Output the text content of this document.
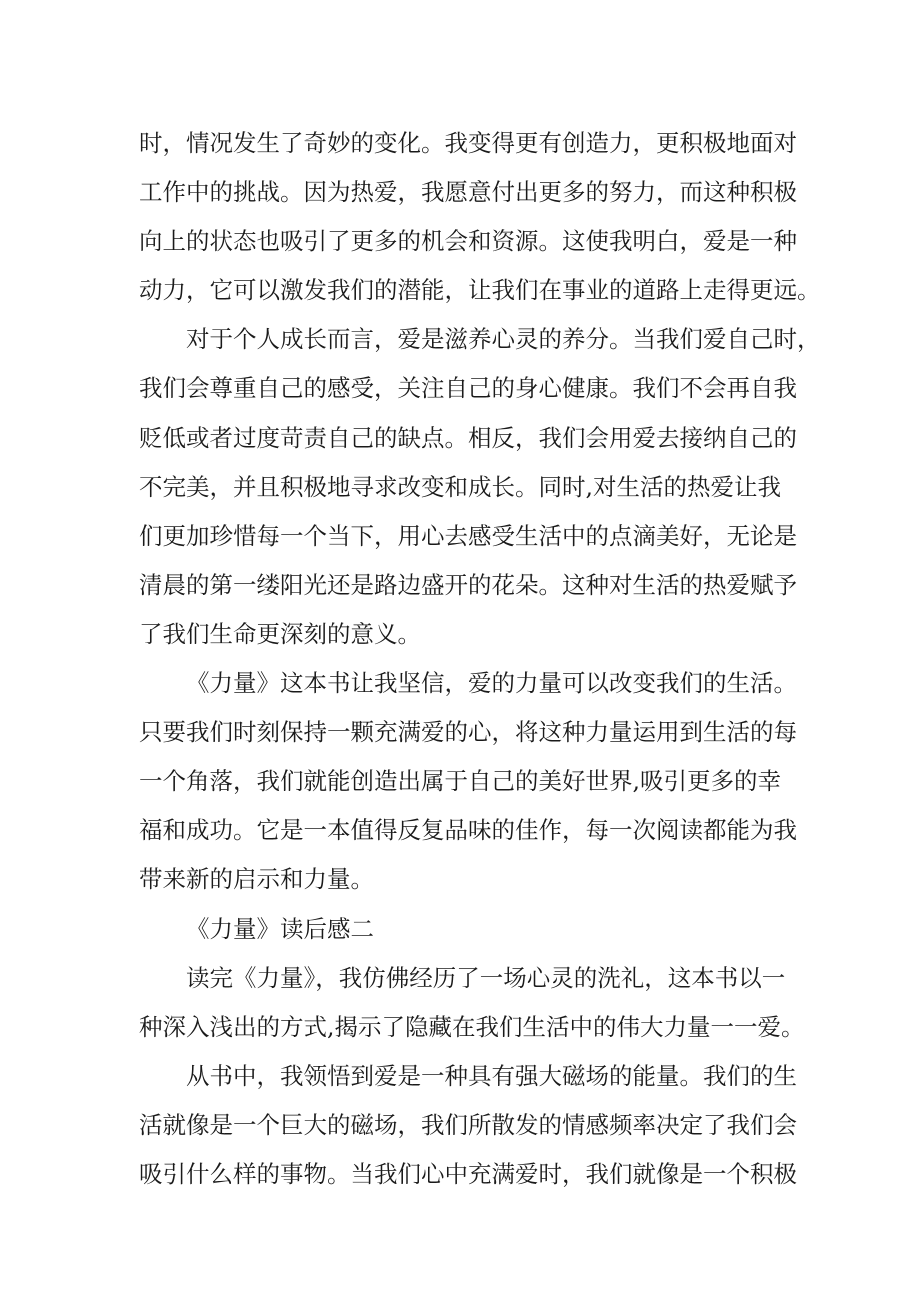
时，情况发生了奇妙的变化。我变得更有创造力，更积极地面对
工作中的挑战。因为热爱，我愿意付出更多的努力，而这种积极
向上的状态也吸引了更多的机会和资源。这使我明白，爱是一种
动力，它可以激发我们的潜能，让我们在事业的道路上走得更远。
对于个人成长而言，爱是滋养心灵的养分。当我们爱自己时，
我们会尊重自己的感受，关注自己的身心健康。我们不会再自我
贬低或者过度苛责自己的缺点。相反，我们会用爱去接纳自己的
不完美，并且积极地寻求改变和成长。同时,对生活的热爱让我
们更加珍惜每一个当下，用心去感受生活中的点滴美好，无论是
清晨的第一缕阳光还是路边盛开的花朵。这种对生活的热爱赋予
了我们生命更深刻的意义。
《力量》这本书让我坚信，爱的力量可以改变我们的生活。
只要我们时刻保持一颗充满爱的心，将这种力量运用到生活的每
一个角落，我们就能创造出属于自己的美好世界,吸引更多的幸
福和成功。它是一本值得反复品味的佳作，每一次阅读都能为我
带来新的启示和力量。
《力量》读后感二
读完《力量》，我仿佛经历了一场心灵的洗礼，这本书以一
种深入浅出的方式,揭示了隐藏在我们生活中的伟大力量一一爱。
从书中，我领悟到爱是一种具有强大磁场的能量。我们的生
活就像是一个巨大的磁场，我们所散发的情感频率决定了我们会
吸引什么样的事物。当我们心中充满爱时，我们就像是一个积极
